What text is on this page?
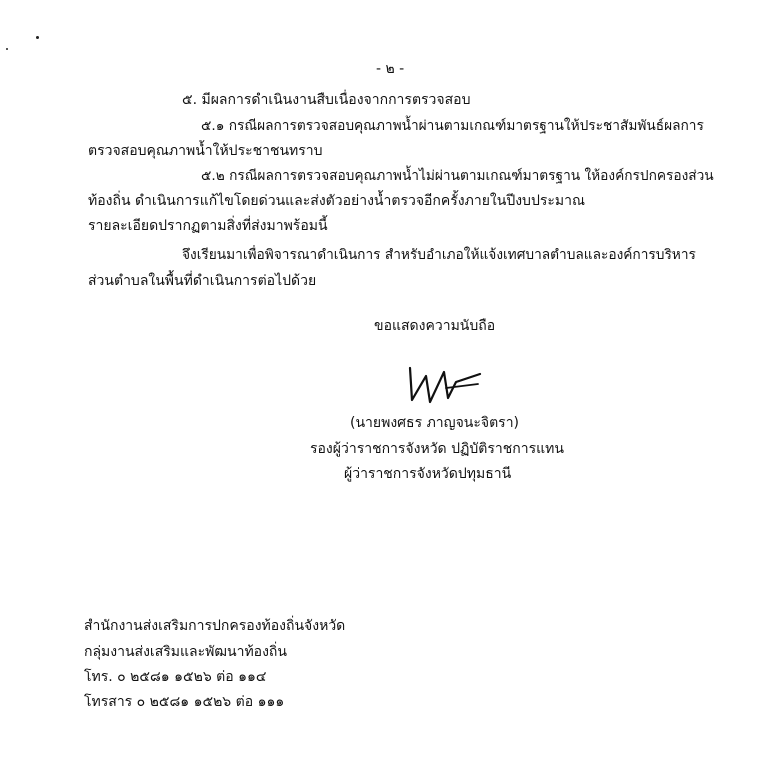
- ๒ -
๕. มีผลการดำเนินงานสืบเนื่องจากการตรวจสอบ
๕.๑ กรณีผลการตรวจสอบคุณภาพน้ำผ่านตามเกณฑ์มาตรฐานให้ประชาสัมพันธ์ผลการ
ตรวจสอบคุณภาพน้ำให้ประชาชนทราบ
๕.๒ กรณีผลการตรวจสอบคุณภาพน้ำไม่ผ่านตามเกณฑ์มาตรฐาน ให้องค์กรปกครองส่วน
ท้องถิ่น ดำเนินการแก้ไขโดยด่วนและส่งตัวอย่างน้ำตรวจอีกครั้งภายในปีงบประมาณ
รายละเอียดปรากฏตามสิ่งที่ส่งมาพร้อมนี้
จึงเรียนมาเพื่อพิจารณาดำเนินการ สำหรับอำเภอให้แจ้งเทศบาลตำบลและองค์การบริหาร
ส่วนตำบลในพื้นที่ดำเนินการต่อไปด้วย
ขอแสดงความนับถือ
(นายพงศธร ภาญจนะจิตรา)
รองผู้ว่าราชการจังหวัด ปฏิบัติราชการแทน
ผู้ว่าราชการจังหวัดปทุมธานี
สำนักงานส่งเสริมการปกครองท้องถิ่นจังหวัด
กลุ่มงานส่งเสริมและพัฒนาท้องถิ่น
โทร. ๐ ๒๕๘๑ ๑๕๒๖ ต่อ ๑๑๔
โทรสาร ๐ ๒๕๘๑ ๑๕๒๖ ต่อ ๑๑๑
